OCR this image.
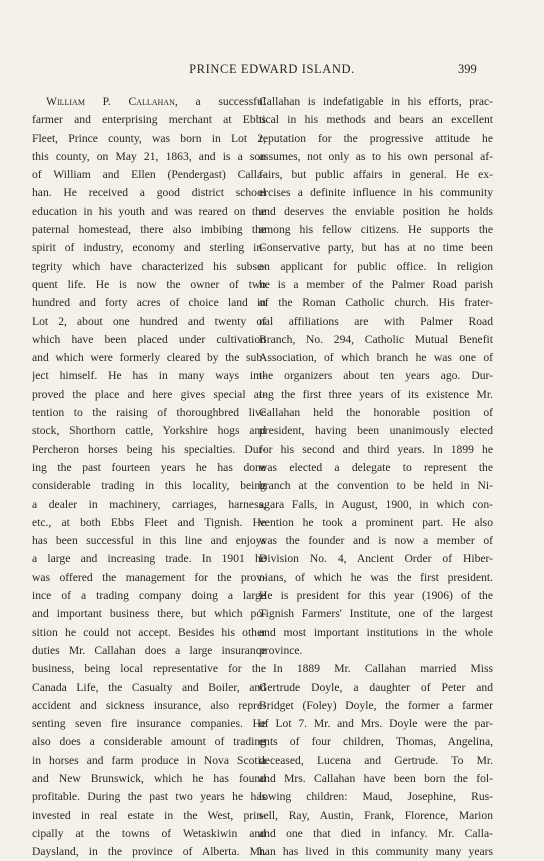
PRINCE EDWARD ISLAND.	399
William P. Callahan, a successful
farmer and enterprising merchant at Ebbs
Fleet, Prince county, was born in Lot 2,
this county, on May 21, 1863, and is a son
of William and Ellen (Pendergast) Calla-
han. He received a good district school
education in his youth and was reared on the
paternal homestead, there also imbibing the
spirit of industry, economy and sterling in-
tegrity which have characterized his subse-
quent life. He is now the owner of two
hundred and forty acres of choice land in
Lot 2, about one hundred and twenty of
which have been placed under cultivation
and which were formerly cleared by the sub-
ject himself. He has in many ways im-
proved the place and here gives special at-
tention to the raising of thoroughbred live
stock, Shorthorn cattle, Yorkshire hogs and
Percheron horses being his specialties. Dur-
ing the past fourteen years he has done
considerable trading in this locality, being
a dealer in machinery, carriages, harness,
etc., at both Ebbs Fleet and Tignish. He
has been successful in this line and enjoys
a large and increasing trade. In 1901 he
was offered the management for the prov-
ince of a trading company doing a large
and important business there, but which po-
sition he could not accept. Besides his other
duties Mr. Callahan does a large insurance
business, being local representative for the
Canada Life, the Casualty and Boiler, and
accident and sickness insurance, also repre-
senting seven fire insurance companies. He
also does a considerable amount of trading
in horses and farm produce in Nova Scotia
and New Brunswick, which he has found
profitable. During the past two years he has
invested in real estate in the West, prin-
cipally at the towns of Wetaskiwin and
Daysland, in the province of Alberta. Mr.
Callahan is indefatigable in his efforts, prac-
tical in his methods and bears an excellent
reputation for the progressive attitude he
assumes, not only as to his own personal af-
fairs, but public affairs in general. He ex-
ercises a definite influence in his community
and deserves the enviable position he holds
among his fellow citizens. He supports the
Conservative party, but has at no time been
an applicant for public office. In religion
he is a member of the Palmer Road parish
of the Roman Catholic church. His frater-
nal affiliations are with Palmer Road
Branch, No. 294, Catholic Mutual Benefit
Association, of which branch he was one of
the organizers about ten years ago. Dur-
ing the first three years of its existence Mr.
Callahan held the honorable position of
president, having been unanimously elected
for his second and third years. In 1899 he
was elected a delegate to represent the
branch at the convention to be held in Ni-
agara Falls, in August, 1900, in which con-
vention he took a prominent part. He also
was the founder and is now a member of
Division No. 4, Ancient Order of Hiber-
nians, of which he was the first president.
He is president for this year (1906) of the
Tignish Farmers' Institute, one of the largest
and most important institutions in the whole
province.
In 1889 Mr. Callahan married Miss
Gertrude Doyle, a daughter of Peter and
Bridget (Foley) Doyle, the former a farmer
of Lot 7. Mr. and Mrs. Doyle were the par-
ents of four children, Thomas, Angelina,
deceased, Lucena and Gertrude. To Mr.
and Mrs. Callahan have been born the fol-
lowing children: Maud, Josephine, Rus-
sell, Ray, Austin, Frank, Florence, Marion
and one that died in infancy. Mr. Calla-
han has lived in this community many years
